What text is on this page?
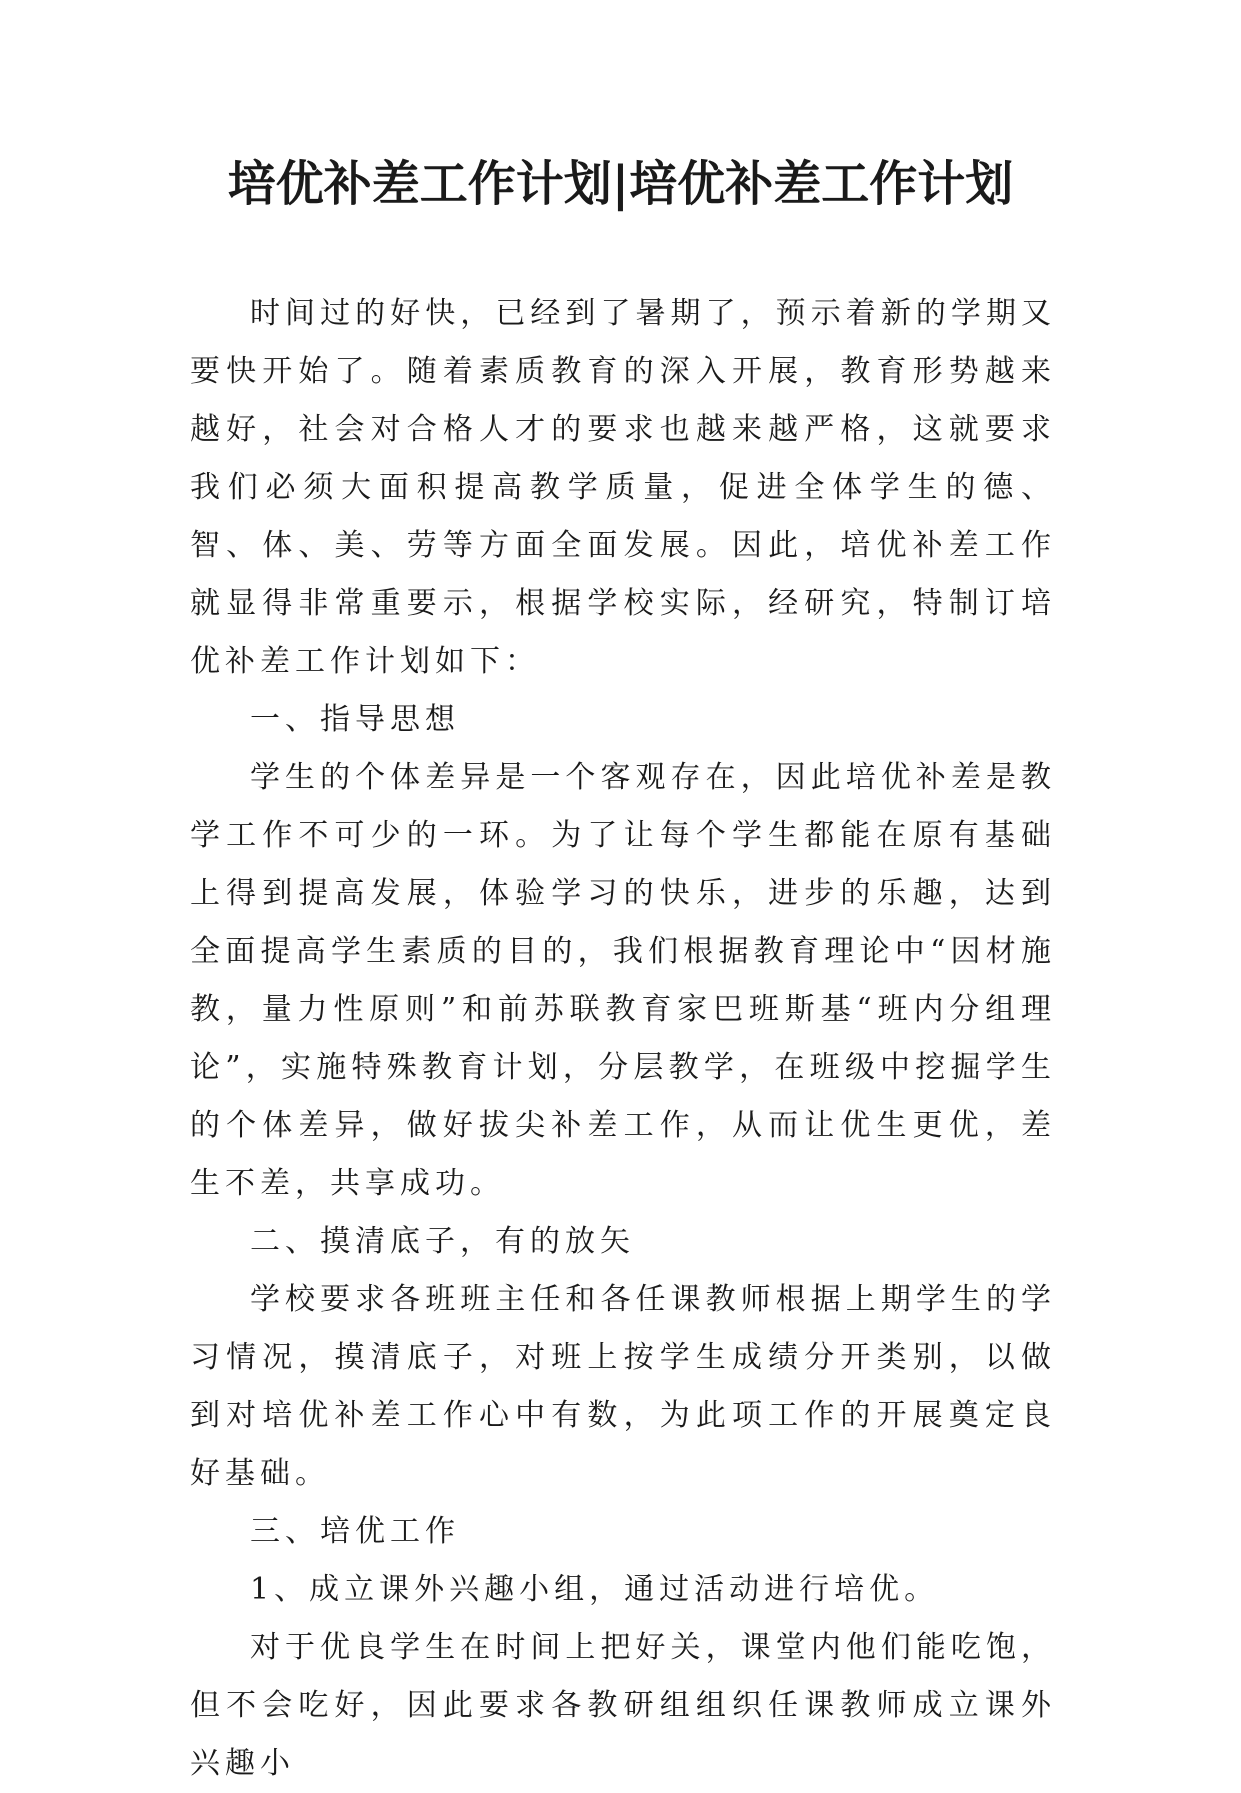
培优补差工作计划|培优补差工作计划

时间过的好快，已经到了暑期了，预示着新的学期又要快开始了。随着素质教育的深入开展，教育形势越来越好，社会对合格人才的要求也越来越严格，这就要求我们必须大面积提高教学质量，促进全体学生的德、智、体、美、劳等方面全面发展。因此，培优补差工作就显得非常重要示，根据学校实际，经研究，特制订培优补差工作计划如下：

一、指导思想

学生的个体差异是一个客观存在，因此培优补差是教学工作不可少的一环。为了让每个学生都能在原有基础上得到提高发展，体验学习的快乐，进步的乐趣，达到全面提高学生素质的目的，我们根据教育理论中“因材施教，量力性原则”和前苏联教育家巴班斯基“班内分组理论”，实施特殊教育计划，分层教学，在班级中挖掘学生的个体差异，做好拔尖补差工作，从而让优生更优，差生不差，共享成功。

二、摸清底子，有的放矢

学校要求各班班主任和各任课教师根据上期学生的学习情况，摸清底子，对班上按学生成绩分开类别，以做到对培优补差工作心中有数，为此项工作的开展奠定良好基础。

三、培优工作

1、成立课外兴趣小组，通过活动进行培优。

对于优良学生在时间上把好关，课堂内他们能吃饱，但不会吃好，因此要求各教研组组织任课教师成立课外兴趣小
